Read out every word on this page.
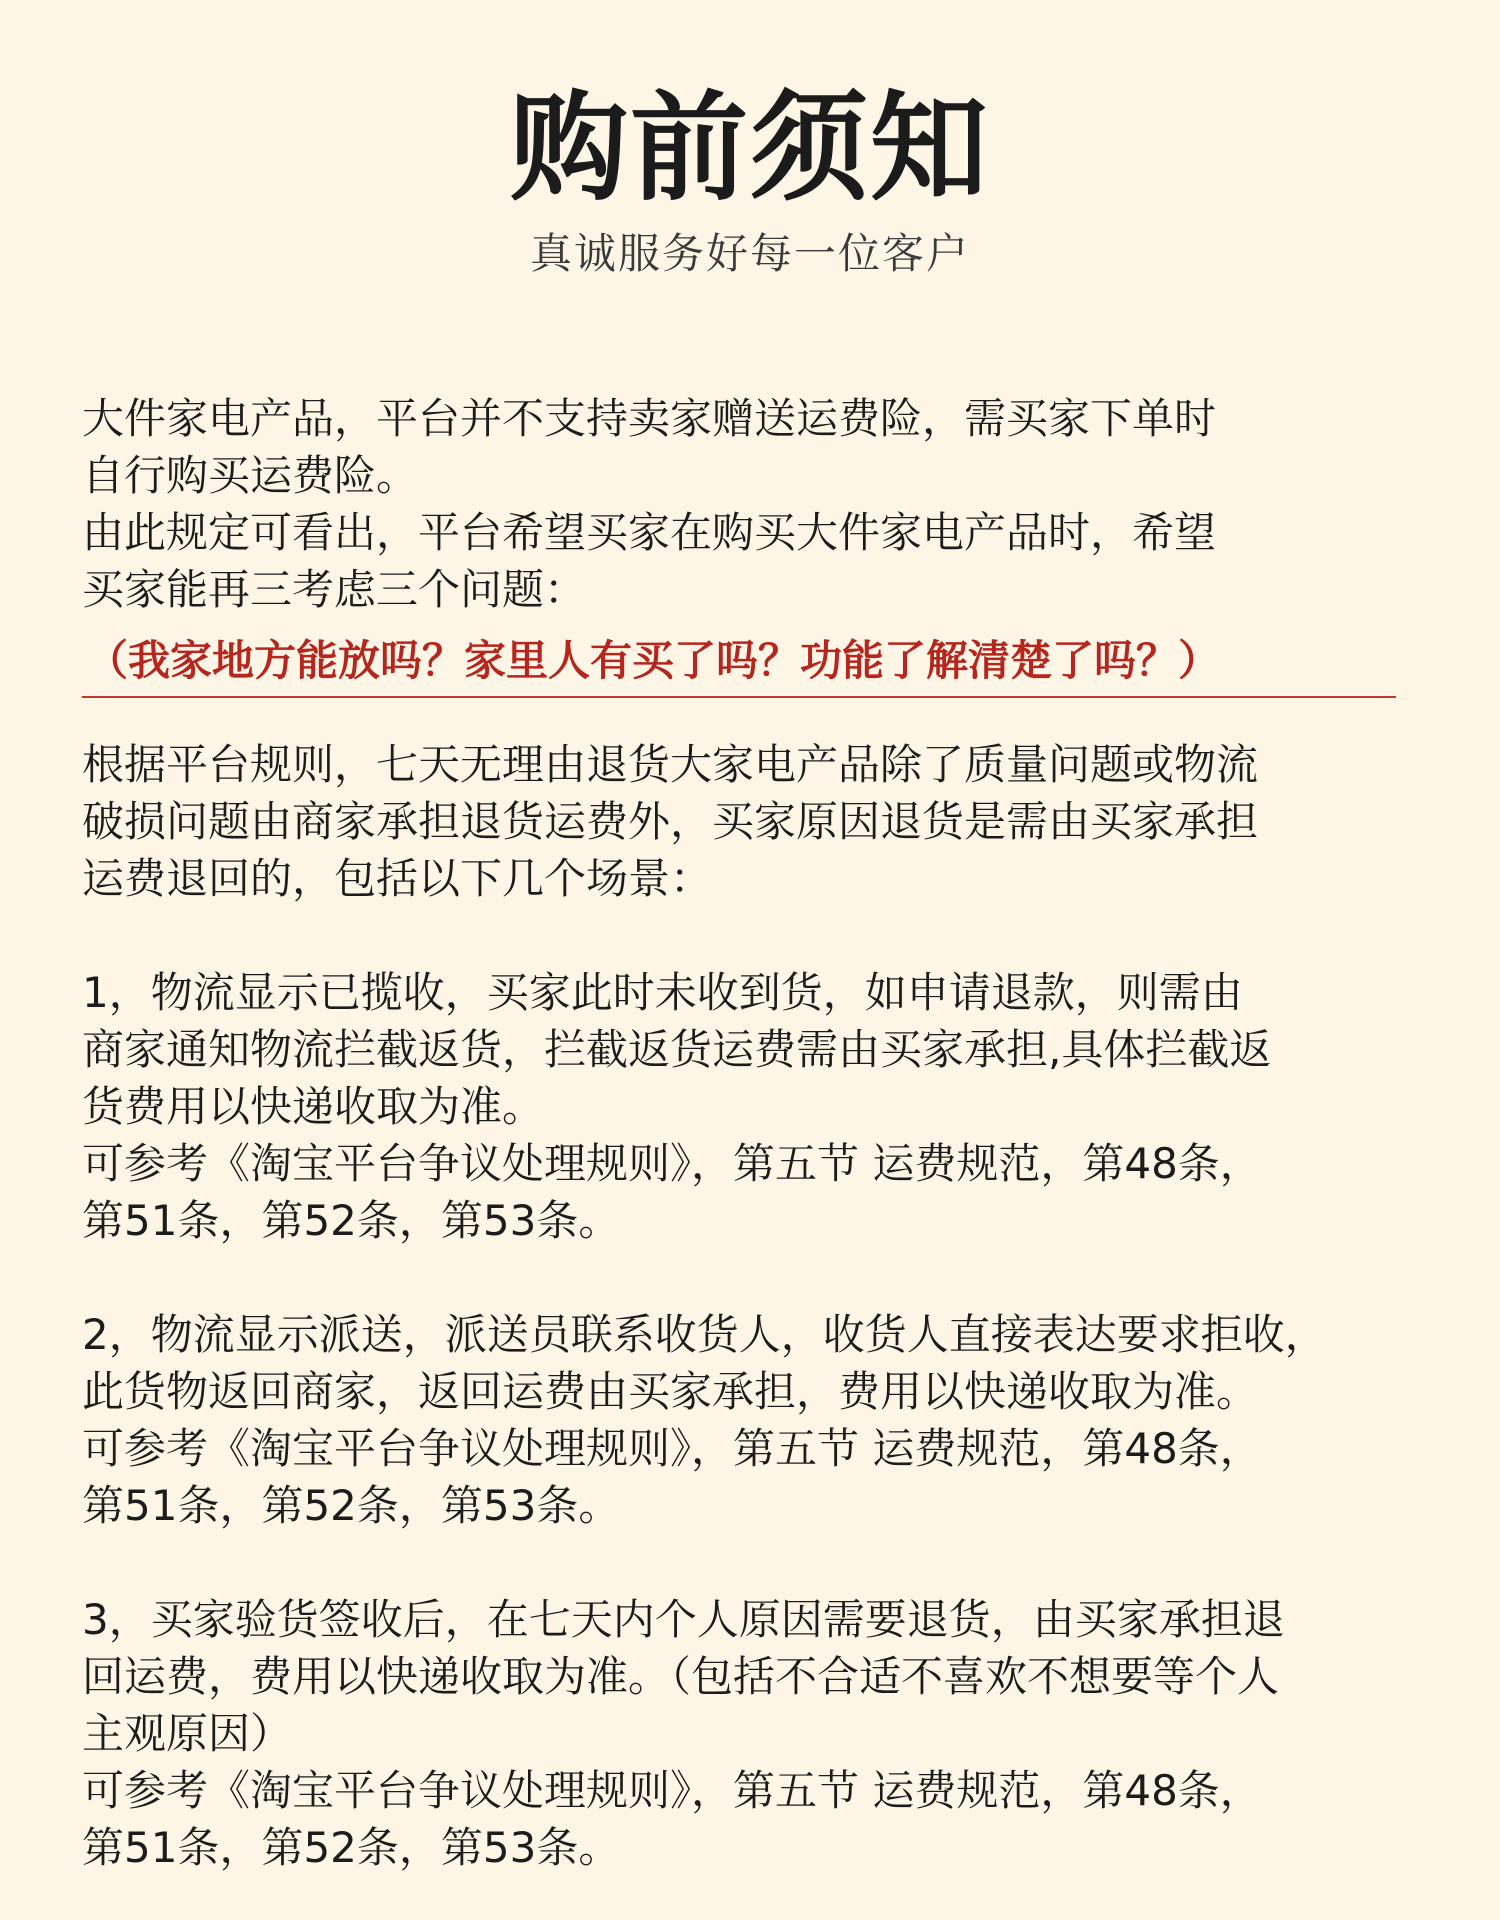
购前须知
真诚服务好每一位客户

大件家电产品，平台并不支持卖家赠送运费险，需买家下单时
自行购买运费险。

由此规定可看出，平台希望买家在购买大件家电产品时，希望
买家能再三考虑三个问题：

（我家地方能放吗？家里人有买了吗？功能了解清楚了吗？）

根据平台规则，七天无理由退货大家电产品除了质量问题或物流
破损问题由商家承担退货运费外，买家原因退货是需由买家承担
运费退回的，包括以下几个场景：

1，物流显示已揽收，买家此时未收到货，如申请退款，则需由
商家通知物流拦截返货，拦截返货运费需由买家承担,具体拦截返
货费用以快递收取为准。

可参考《淘宝平台争议处理规则》，第五节 运费规范，第48条，
第51条，第52条，第53条。

2，物流显示派送，派送员联系收货人，收货人直接表达要求拒收，
此货物返回商家，返回运费由买家承担，费用以快递收取为准。

可参考《淘宝平台争议处理规则》，第五节 运费规范，第48条，
第51条，第52条，第53条。

3，买家验货签收后，在七天内个人原因需要退货，由买家承担退
回运费，费用以快递收取为准。（包括不合适不喜欢不想要等个人
主观原因）

可参考《淘宝平台争议处理规则》，第五节 运费规范，第48条，
第51条，第52条，第53条。
